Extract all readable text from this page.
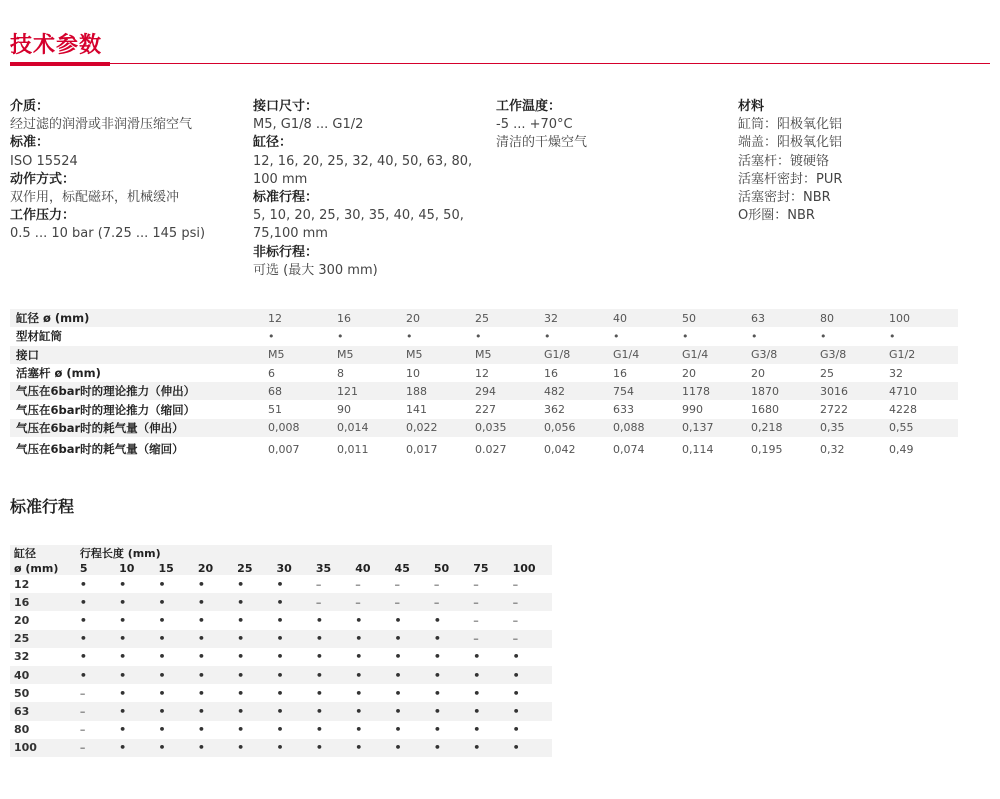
技术参数
介质：
经过滤的润滑或非润滑压缩空气
标准：
ISO 15524
动作方式：
双作用，标配磁环，机械缓冲
工作压力：
0.5 ... 10 bar (7.25 ... 145 psi)
接口尺寸：
M5, G1/8 ... G1/2
缸径：
12, 16, 20, 25, 32, 40, 50, 63, 80, 100 mm
标准行程：
5, 10, 20, 25, 30, 35, 40, 45, 50, 75,100 mm
非标行程：
可选 (最大 300 mm)
工作温度：
-5 ... +70°C
清洁的干燥空气
材料
缸筒：阳极氧化铝
端盖：阳极氧化铝
活塞杆：镀硬铬
活塞杆密封：PUR
活塞密封：NBR
O形圈：NBR
缸径 ø (mm)	12	16	20	25	32	40	50	63	80	100
型材缸筒	•	•	•	•	•	•	•	•	•	•
接口	M5	M5	M5	M5	G1/8	G1/4	G1/4	G3/8	G3/8	G1/2
活塞杆 ø (mm)	6	8	10	12	16	16	20	20	25	32
气压在6bar时的理论推力（伸出）	68	121	188	294	482	754	1178	1870	3016	4710
气压在6bar时的理论推力（缩回）	51	90	141	227	362	633	990	1680	2722	4228
气压在6bar时的耗气量（伸出）	0,008	0,014	0,022	0,035	0,056	0,088	0,137	0,218	0,35	0,55
气压在6bar时的耗气量（缩回）	0,007	0,011	0,017	0.027	0,042	0,074	0,114	0,195	0,32	0,49
标准行程
缸径	行程长度 (mm)											
ø (mm)	5	10	15	20	25	30	35	40	45	50	75	100
12	•	•	•	•	•	•	–	–	–	–	–	–
16	•	•	•	•	•	•	–	–	–	–	–	–
20	•	•	•	•	•	•	•	•	•	•	–	–
25	•	•	•	•	•	•	•	•	•	•	–	–
32	•	•	•	•	•	•	•	•	•	•	•	•
40	•	•	•	•	•	•	•	•	•	•	•	•
50	–	•	•	•	•	•	•	•	•	•	•	•
63	–	•	•	•	•	•	•	•	•	•	•	•
80	–	•	•	•	•	•	•	•	•	•	•	•
100	–	•	•	•	•	•	•	•	•	•	•	•
